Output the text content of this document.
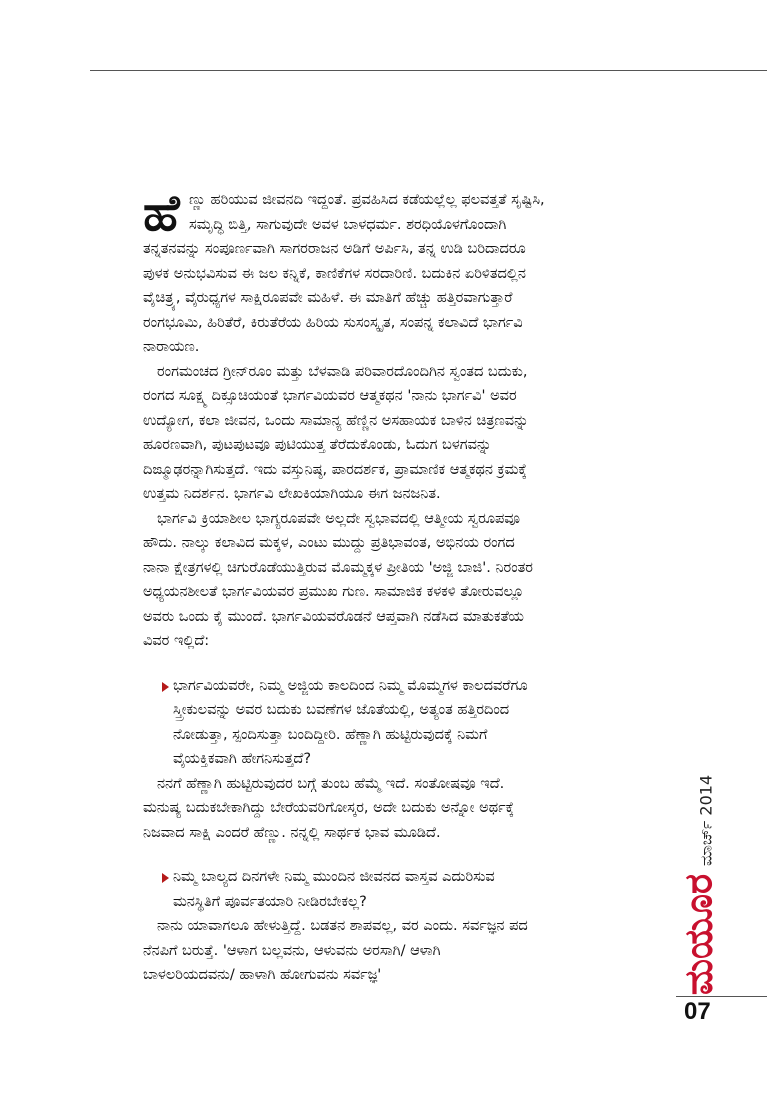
ಹೆ ಣ್ಣು ಹರಿಯುವ ಜೀವನದಿ ಇದ್ದಂತೆ. ಪ್ರವಹಿಸಿದ ಕಡೆಯಲ್ಲೆಲ್ಲ ಫಲವತ್ತತೆ ಸೃಷ್ಟಿಸಿ,
ಸಮೃದ್ಧಿ ಬಿತ್ತಿ, ಸಾಗುವುದೇ ಅವಳ ಬಾಳಧರ್ಮ. ಶರಧಿಯೊಳಗೊಂದಾಗಿ
ತನ್ನತನವನ್ನು ಸಂಪೂರ್ಣವಾಗಿ ಸಾಗರರಾಜನ ಅಡಿಗೆ ಅರ್ಪಿಸಿ, ತನ್ನ ಉಡಿ ಬರಿದಾದರೂ
ಪುಳಕ ಅನುಭವಿಸುವ ಈ ಜಲ ಕನ್ನಿಕೆ, ಕಾಣಿಕೆಗಳ ಸರದಾರಿಣಿ. ಬದುಕಿನ ಏರಿಳಿತದಲ್ಲಿನ
ವೈಚಿತ್ರ್ಯ, ವೈರುಧ್ಯಗಳ ಸಾಕ್ಷಿರೂಪವೇ ಮಹಿಳೆ. ಈ ಮಾತಿಗೆ ಹೆಚ್ಚು ಹತ್ತಿರವಾಗುತ್ತಾರೆ
ರಂಗಭೂಮಿ, ಹಿರಿತೆರೆ, ಕಿರುತೆರೆಯ ಹಿರಿಯ ಸುಸಂಸ್ಕೃತ, ಸಂಪನ್ನ ಕಲಾವಿದೆ ಭಾರ್ಗವಿ
ನಾರಾಯಣ.
ರಂಗಮಂಚದ ಗ್ರೀನ್‌ರೂಂ ಮತ್ತು ಬೆಳವಾಡಿ ಪರಿವಾರದೊಂದಿಗಿನ ಸ್ವಂತದ ಬದುಕು,
ರಂಗದ ಸೂಕ್ಷ್ಮ ದಿಕ್ಸೂಚಿಯಂತೆ ಭಾರ್ಗವಿಯವರ ಆತ್ಮಕಥನ 'ನಾನು ಭಾರ್ಗವಿ' ಅವರ
ಉದ್ಯೋಗ, ಕಲಾ ಜೀವನ, ಒಂದು ಸಾಮಾನ್ಯ ಹೆಣ್ಣಿನ ಅಸಹಾಯಕ ಬಾಳಿನ ಚಿತ್ರಣವನ್ನು
ಹೂರಣವಾಗಿ, ಪುಟಪುಟವೂ ಪುಟಿಯುತ್ತ ತೆರೆದುಕೊಂಡು, ಓದುಗ ಬಳಗವನ್ನು
ದಿಙ್ಮೂಢರನ್ನಾಗಿಸುತ್ತದೆ. ಇದು ವಸ್ತುನಿಷ್ಠ, ಪಾರದರ್ಶಕ, ಪ್ರಾಮಾಣಿಕ ಆತ್ಮಕಥನ ಕ್ರಮಕ್ಕೆ
ಉತ್ತಮ ನಿದರ್ಶನ. ಭಾರ್ಗವಿ ಲೇಖಕಿಯಾಗಿಯೂ ಈಗ ಜನಜನಿತ.
ಭಾರ್ಗವಿ ಕ್ರಿಯಾಶೀಲ ಭಾಗ್ಯರೂಪವೇ ಅಲ್ಲದೇ ಸ್ವಭಾವದಲ್ಲಿ ಆತ್ಮೀಯ ಸ್ವರೂಪವೂ
ಹೌದು. ನಾಲ್ಕು ಕಲಾವಿದ ಮಕ್ಕಳ, ಎಂಟು ಮುದ್ದು ಪ್ರತಿಭಾವಂತ, ಅಭಿನಯ ರಂಗದ
ನಾನಾ ಕ್ಷೇತ್ರಗಳಲ್ಲಿ ಚಿಗುರೊಡೆಯುತ್ತಿರುವ ಮೊಮ್ಮಕ್ಕಳ ಪ್ರೀತಿಯ 'ಅಜ್ಜಿ ಬಾಜಿ'. ನಿರಂತರ
ಅಧ್ಯಯನಶೀಲತೆ ಭಾರ್ಗವಿಯವರ ಪ್ರಮುಖ ಗುಣ. ಸಾಮಾಜಿಕ ಕಳಕಳಿ ತೋರುವಲ್ಲೂ
ಅವರು ಒಂದು ಕೈ ಮುಂದೆ. ಭಾರ್ಗವಿಯವರೊಡನೆ ಆಪ್ತವಾಗಿ ನಡೆಸಿದ ಮಾತುಕತೆಯ
ವಿವರ ಇಲ್ಲಿದೆ:
ಭಾರ್ಗವಿಯವರೇ, ನಿಮ್ಮ ಅಜ್ಜಿಯ ಕಾಲದಿಂದ ನಿಮ್ಮ ಮೊಮ್ಮಗಳ ಕಾಲದವರೆಗೂ
ಸ್ತ್ರೀಕುಲವನ್ನು ಅವರ ಬದುಕು ಬವಣೆಗಳ ಜೊತೆಯಲ್ಲಿ, ಅತ್ಯಂತ ಹತ್ತಿರದಿಂದ
ನೋಡುತ್ತಾ, ಸ್ಪಂದಿಸುತ್ತಾ ಬಂದಿದ್ದೀರಿ. ಹೆಣ್ಣಾಗಿ ಹುಟ್ಟಿರುವುದಕ್ಕೆ ನಿಮಗೆ
ವೈಯಕ್ತಿಕವಾಗಿ ಹೇಗನಿಸುತ್ತದೆ?
ನನಗೆ ಹೆಣ್ಣಾಗಿ ಹುಟ್ಟಿರುವುದರ ಬಗ್ಗೆ ತುಂಬ ಹೆಮ್ಮೆ ಇದೆ. ಸಂತೋಷವೂ ಇದೆ.
ಮನುಷ್ಯ ಬದುಕಬೇಕಾಗಿದ್ದು ಬೇರೆಯವರಿಗೋಸ್ಕರ, ಅದೇ ಬದುಕು ಅನ್ನೋ ಅರ್ಥಕ್ಕೆ
ನಿಜವಾದ ಸಾಕ್ಷಿ ಎಂದರೆ ಹೆಣ್ಣು. ನನ್ನಲ್ಲಿ ಸಾರ್ಥಕ ಭಾವ ಮೂಡಿದೆ.
ನಿಮ್ಮ ಬಾಲ್ಯದ ದಿನಗಳೇ ನಿಮ್ಮ ಮುಂದಿನ ಜೀವನದ ವಾಸ್ತವ ಎದುರಿಸುವ
ಮನಸ್ಥಿತಿಗೆ ಪೂರ್ವತಯಾರಿ ನೀಡಿರಬೇಕಲ್ಲ?
ನಾನು ಯಾವಾಗಲೂ ಹೇಳುತ್ತಿದ್ದೆ. ಬಡತನ ಶಾಪವಲ್ಲ, ವರ ಎಂದು. ಸರ್ವಜ್ಞನ ಪದ
ನೆನಪಿಗೆ ಬರುತ್ತೆ. 'ಆಳಾಗ ಬಲ್ಲವನು, ಆಳುವನು ಅರಸಾಗಿ/ ಆಳಾಗಿ
ಬಾಳಲರಿಯದವನು/ ಹಾಳಾಗಿ ಹೋಗುವನು ಸರ್ವಜ್ಞ'	ಮಯೂರ
ಮಾರ್ಚ್ 2014
07
